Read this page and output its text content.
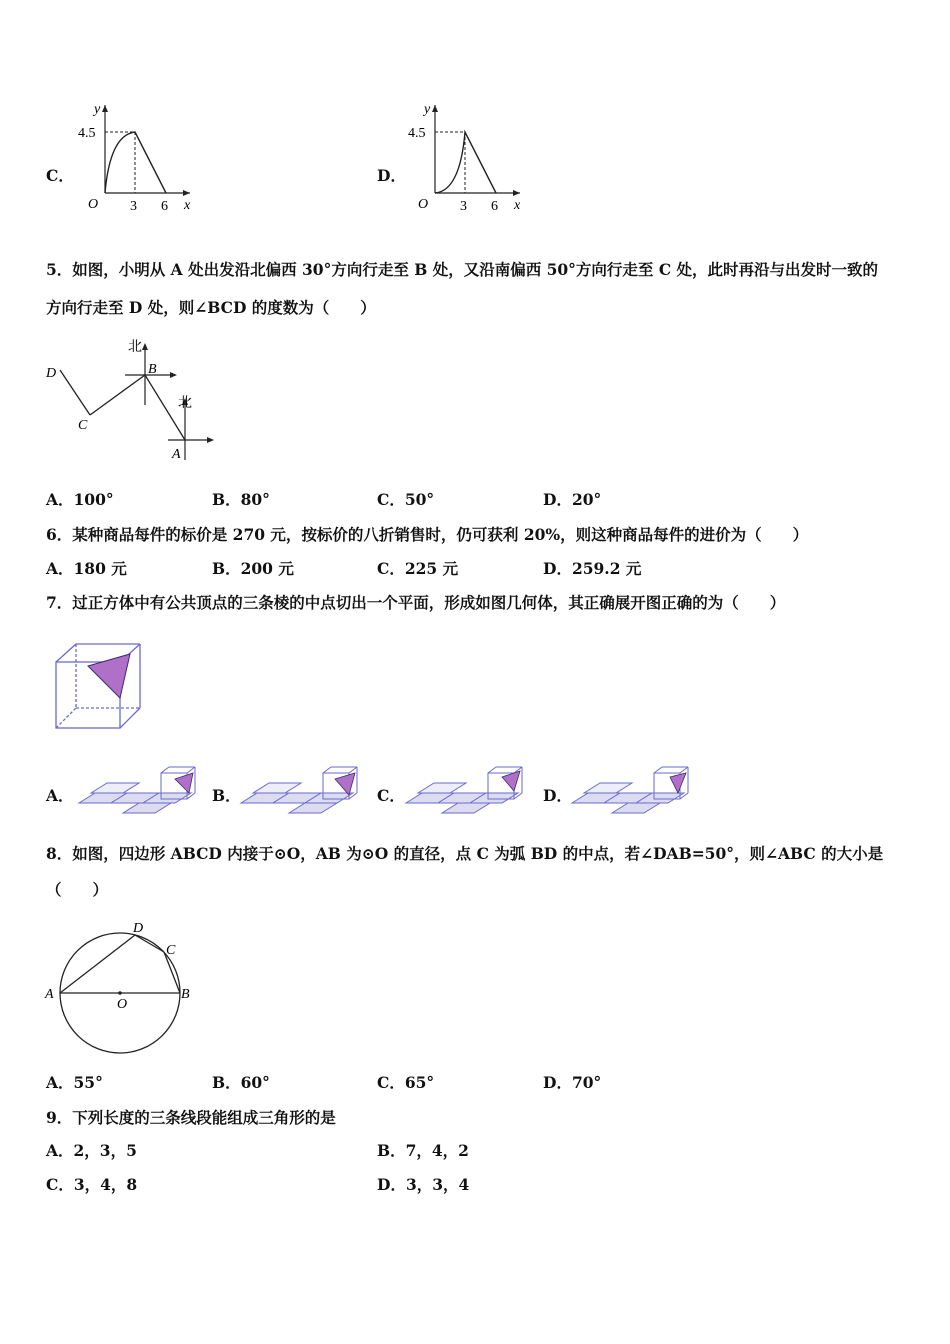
C．
y
x
O
4.5
3 6
D．
y
x
O
4.5
3 6
5．如图，小明从 A 处出发沿北偏西 30°方向行走至 B 处，又沿南偏西 50°方向行走至 C 处，此时再沿与出发时一致的
方向行走至 D 处，则∠BCD 的度数为（　　）
北
北
A
B
C
D
A．100°	B．80°	C．50°	D．20°
6．某种商品每件的标价是 270 元，按标价的八折销售时，仍可获利 20%，则这种商品每件的进价为（　　）
A．180 元	B．200 元	C．225 元	D．259.2 元
7．过正方体中有公共顶点的三条棱的中点切出一个平面，形成如图几何体，其正确展开图正确的为（　　）
A．	B．	C．	D．
8．如图，四边形 ABCD 内接于⊙O，AB 为⊙O 的直径，点 C 为弧 BD 的中点，若∠DAB=50°，则∠ABC 的大小是
（　　）
A	B
C
D
O
A．55°	B．60°	C．65°	D．70°
9．下列长度的三条线段能组成三角形的是
A．2，3，5	B．7，4，2
C．3，4，8	D．3，3，4
